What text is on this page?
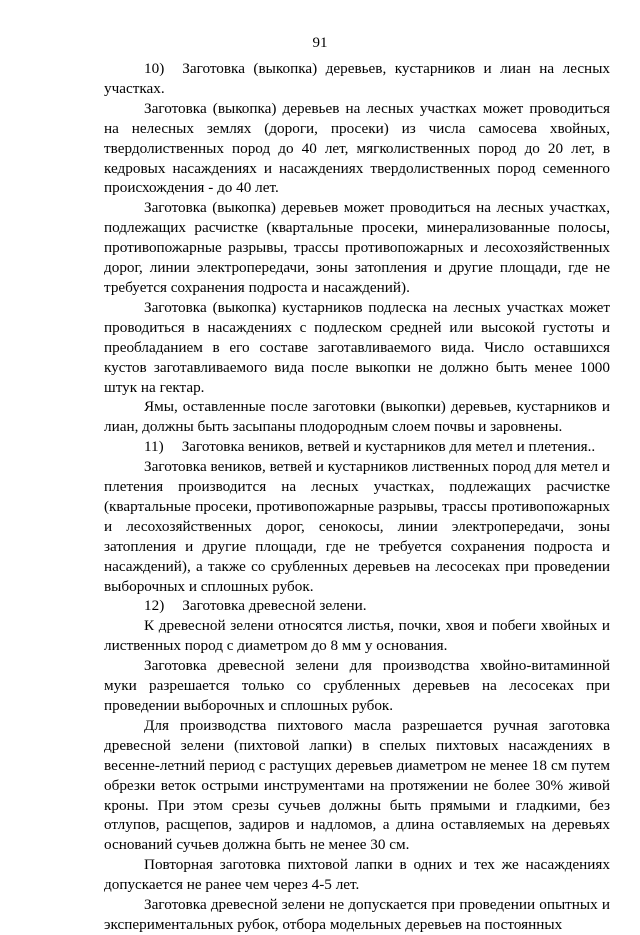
91

10) Заготовка (выкопка) деревьев, кустарников и лиан на лесных участках.

Заготовка (выкопка) деревьев на лесных участках может проводиться на нелесных землях (дороги, просеки) из числа самосева хвойных, твердолиственных пород до 40 лет, мягколиственных пород до 20 лет, в кедровых насаждениях и насаждениях твердолиственных пород семенного происхождения - до 40 лет.

Заготовка (выкопка) деревьев может проводиться на лесных участках, подлежащих расчистке (квартальные просеки, минерализованные полосы, противопожарные разрывы, трассы противопожарных и лесохозяйственных дорог, линии электропередачи, зоны затопления и другие площади, где не требуется сохранения подроста и насаждений).

Заготовка (выкопка) кустарников подлеска на лесных участках может проводиться в насаждениях с подлеском средней или высокой густоты и преобладанием в его составе заготавливаемого вида. Число оставшихся кустов заготавливаемого вида после выкопки не должно быть менее 1000 штук на гектар.

Ямы, оставленные после заготовки (выкопки) деревьев, кустарников и лиан, должны быть засыпаны плодородным слоем почвы и заровнены.

11) Заготовка веников, ветвей и кустарников для метел и плетения..

Заготовка веников, ветвей и кустарников лиственных пород для метел и плетения производится на лесных участках, подлежащих расчистке (квартальные просеки, противопожарные разрывы, трассы противопожарных и лесохозяйственных дорог, сенокосы, линии электропередачи, зоны затопления и другие площади, где не требуется сохранения подроста и насаждений), а также со срубленных деревьев на лесосеках при проведении выборочных и сплошных рубок.

12) Заготовка древесной зелени.

К древесной зелени относятся листья, почки, хвоя и побеги хвойных и лиственных пород с диаметром до 8 мм у основания.

Заготовка древесной зелени для производства хвойно-витаминной муки разрешается только со срубленных деревьев на лесосеках при проведении выборочных и сплошных рубок.

Для производства пихтового масла разрешается ручная заготовка древесной зелени (пихтовой лапки) в спелых пихтовых насаждениях в весенне-летний период с растущих деревьев диаметром не менее 18 см путем обрезки веток острыми инструментами на протяжении не более 30% живой кроны. При этом срезы сучьев должны быть прямыми и гладкими, без отлупов, расщепов, задиров и надломов, а длина оставляемых на деревьях оснований сучьев должна быть не менее 30 см.

Повторная заготовка пихтовой лапки в одних и тех же насаждениях допускается не ранее чем через 4-5 лет.

Заготовка древесной зелени не допускается при проведении опытных и экспериментальных рубок, отбора модельных деревьев на постоянных
